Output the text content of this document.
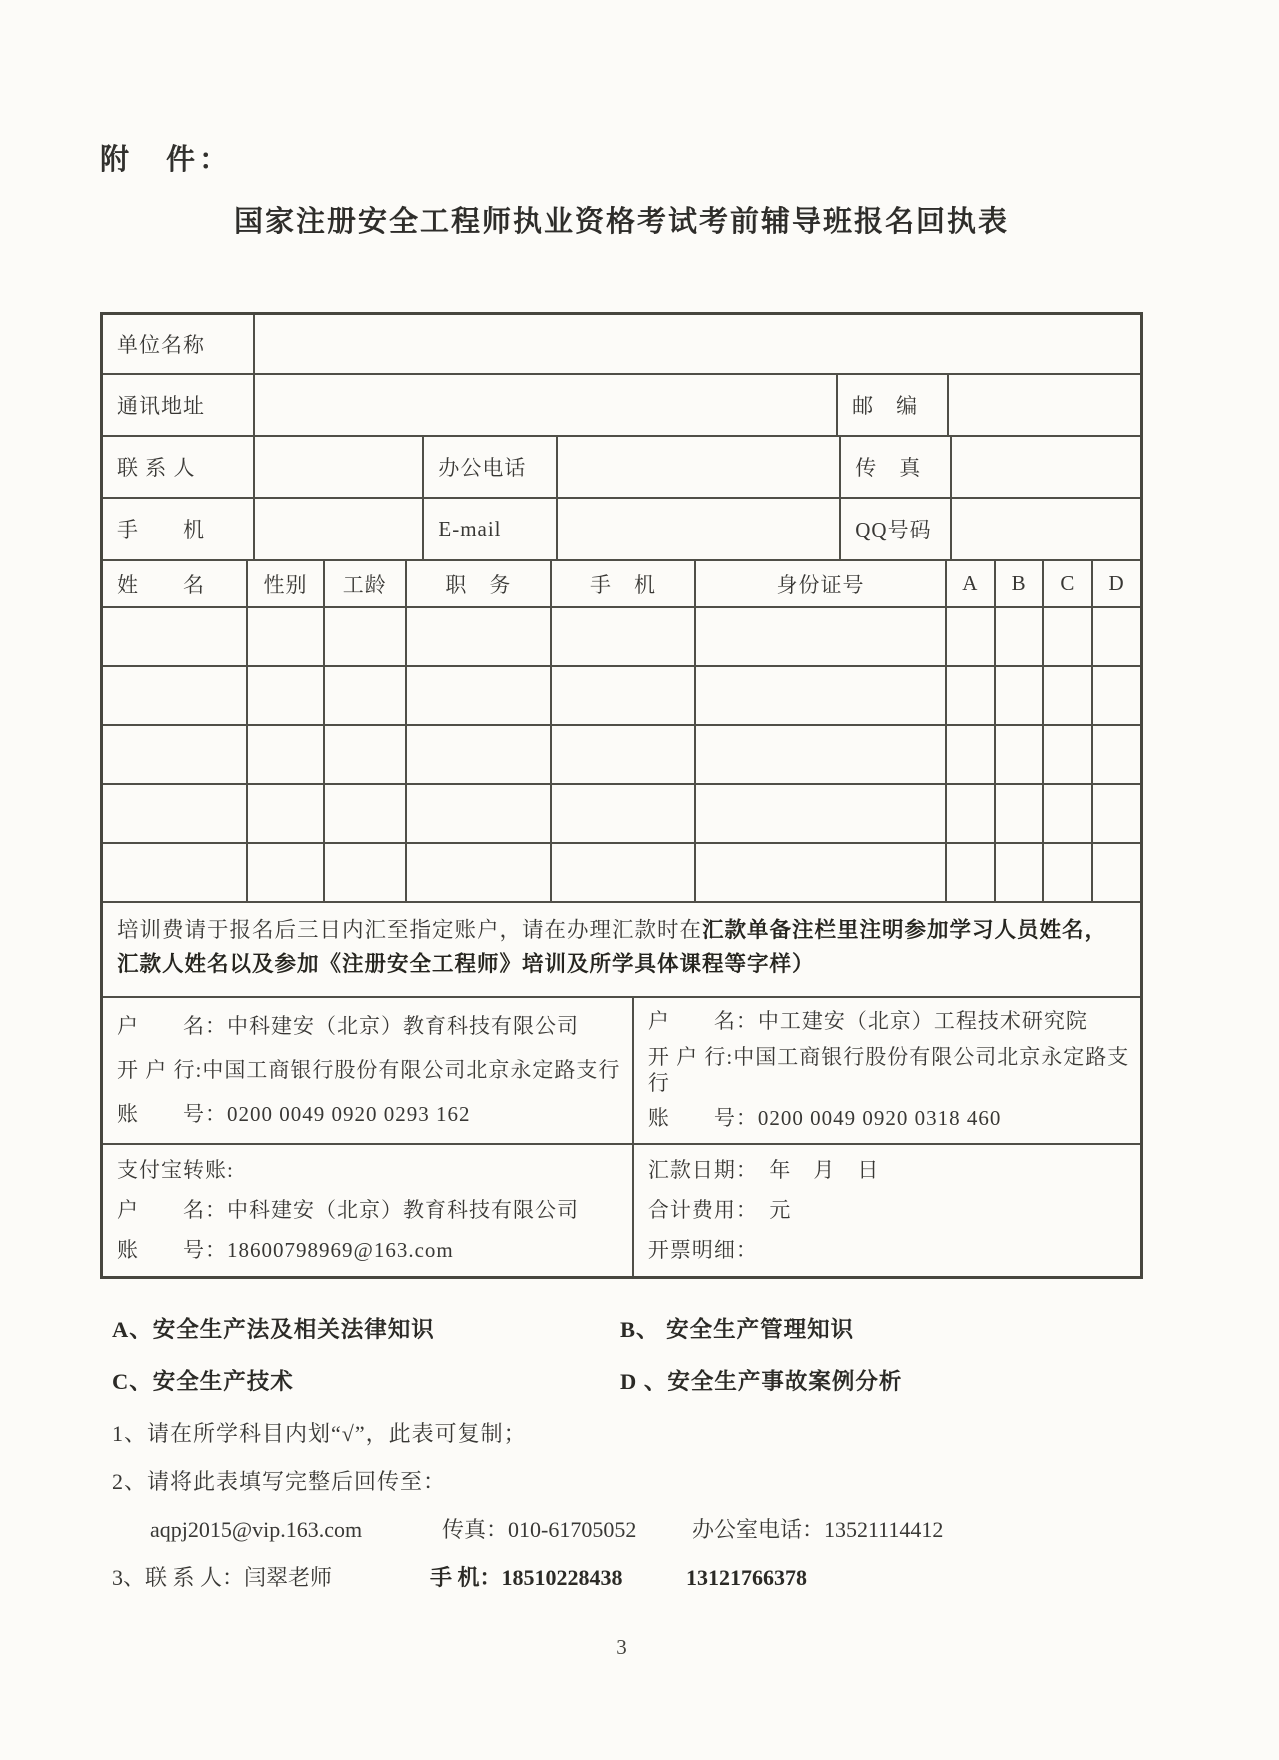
附　件：
国家注册安全工程师执业资格考试考前辅导班报名回执表
单位名称
通讯地址	邮　编
联 系 人	办公电话	传　真
手　　机	E-mail	QQ号码
姓　　名	性别	工龄	职　务	手　机	身份证号	A	B	C	D
培训费请于报名后三日内汇至指定账户，请在办理汇款时在汇款单备注栏里注明参加学习人员姓名，汇款人姓名以及参加《注册安全工程师》培训及所学具体课程等字样）
户　　名：中科建安（北京）教育科技有限公司
开 户 行:中国工商银行股份有限公司北京永定路支行
账　　号：0200 0049 0920 0293 162
户　　名：中工建安（北京）工程技术研究院
开 户 行:中国工商银行股份有限公司北京永定路支行
账　　号：0200 0049 0920 0318 460
支付宝转账:
户　　名：中科建安（北京）教育科技有限公司
账　　号：18600798969@163.com
汇款日期：　年　月　日
合计费用：　元
开票明细：
A、安全生产法及相关法律知识	B、 安全生产管理知识
C、安全生产技术	D 、安全生产事故案例分析
1、请在所学科目内划“√”，此表可复制；
2、请将此表填写完整后回传至：
aqpj2015@vip.163.com	传真：010-61705052	办公室电话：13521114412
3、联 系 人：闫翠老师	手 机：18510228438	13121766378
3
